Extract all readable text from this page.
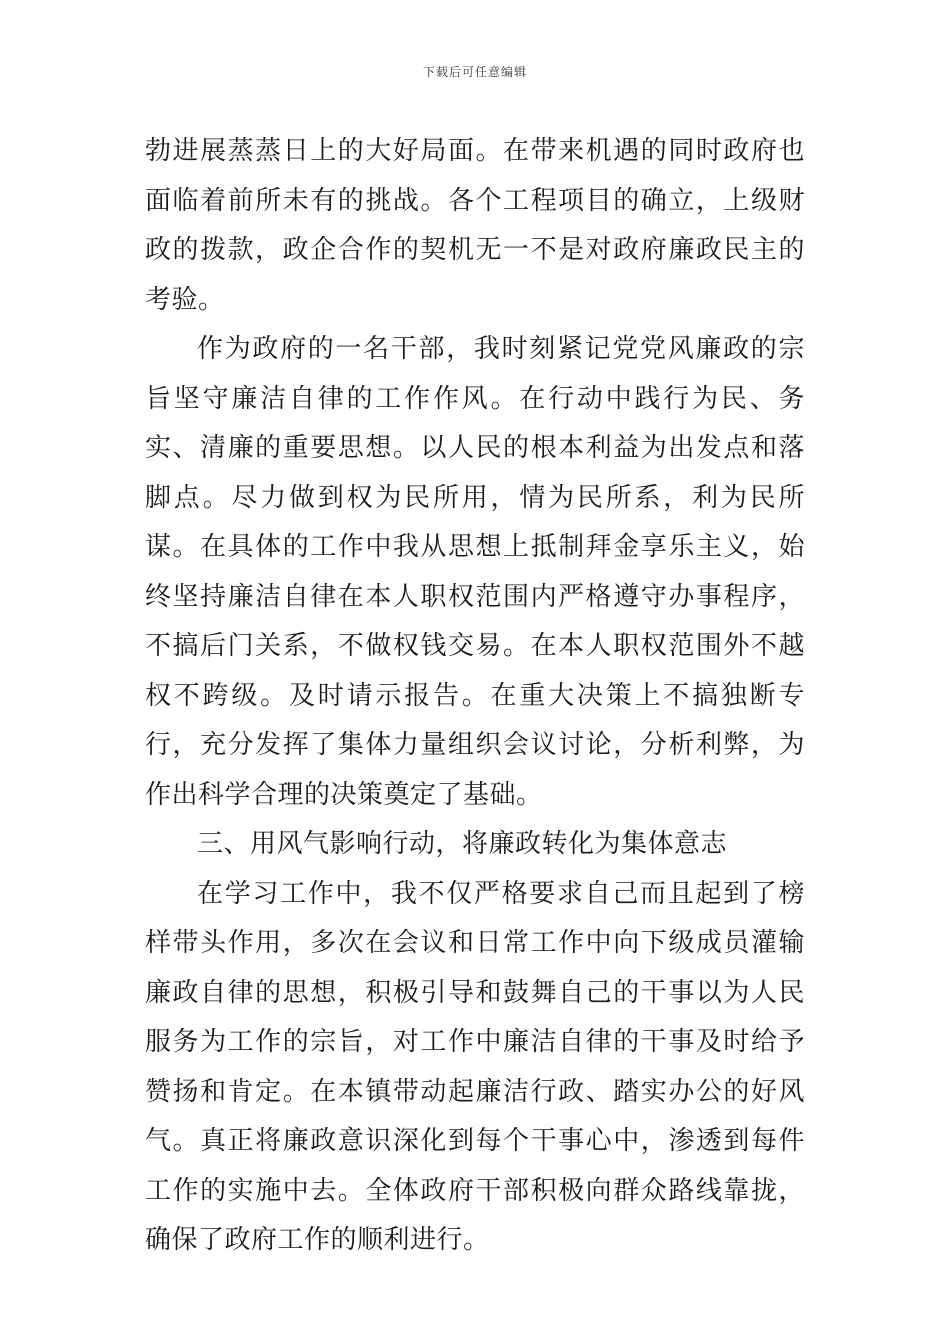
下载后可任意编辑

勃进展蒸蒸日上的大好局面。在带来机遇的同时政府也面临着前所未有的挑战。各个工程项目的确立，上级财政的拨款，政企合作的契机无一不是对政府廉政民主的考验。

作为政府的一名干部，我时刻紧记党党风廉政的宗旨坚守廉洁自律的工作作风。在行动中践行为民、务实、清廉的重要思想。以人民的根本利益为出发点和落脚点。尽力做到权为民所用，情为民所系，利为民所谋。在具体的工作中我从思想上抵制拜金享乐主义，始终坚持廉洁自律在本人职权范围内严格遵守办事程序，不搞后门关系，不做权钱交易。在本人职权范围外不越权不跨级。及时请示报告。在重大决策上不搞独断专行，充分发挥了集体力量组织会议讨论，分析利弊，为作出科学合理的决策奠定了基础。

三、用风气影响行动，将廉政转化为集体意志

在学习工作中，我不仅严格要求自己而且起到了榜样带头作用，多次在会议和日常工作中向下级成员灌输廉政自律的思想，积极引导和鼓舞自己的干事以为人民服务为工作的宗旨，对工作中廉洁自律的干事及时给予赞扬和肯定。在本镇带动起廉洁行政、踏实办公的好风气。真正将廉政意识深化到每个干事心中，渗透到每件工作的实施中去。全体政府干部积极向群众路线靠拢，确保了政府工作的顺利进行。
